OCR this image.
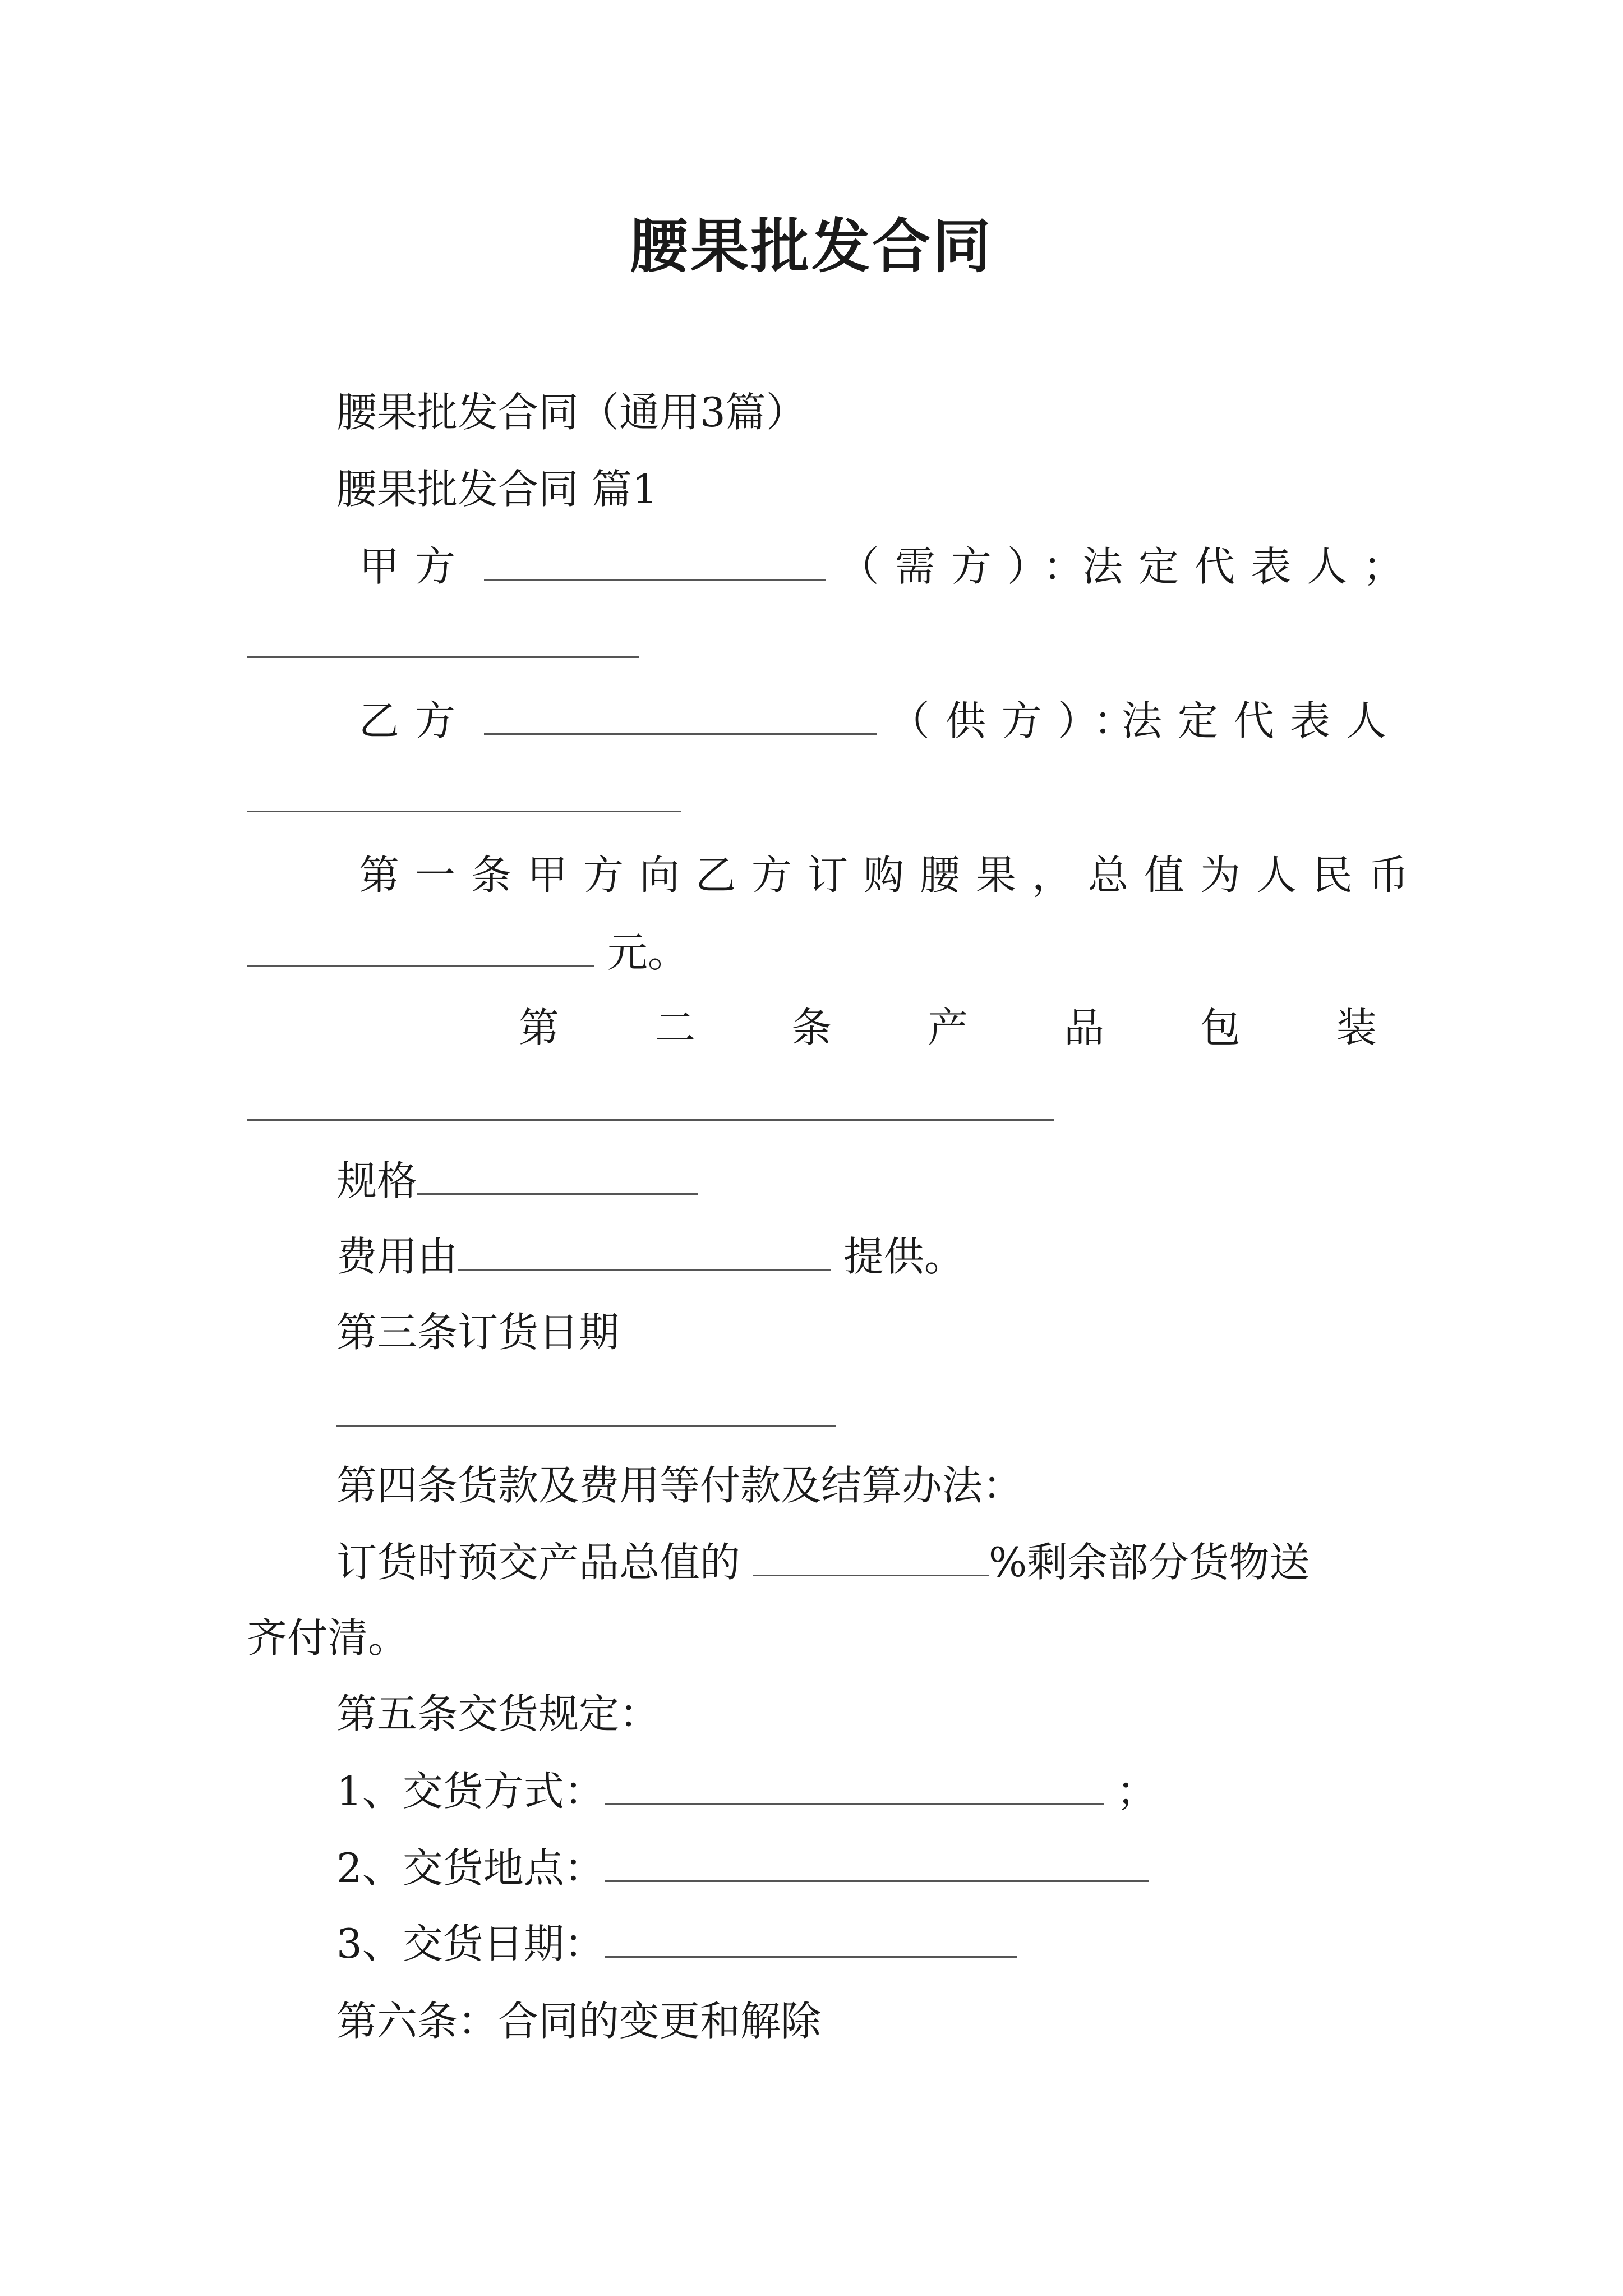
腰果批发合同
腰果批发合同（通用3篇）
腰果批发合同 篇1
甲方	（需方）：
法定代表人；
乙方	（供方）：
法定代表人
第一条甲方向乙方订购腰果，总值为人民币
元。
第 二 条 产 品 包 装
规格
费用由	提供。
第三条订货日期
第四条货款及费用等付款及结算办法：
订货时预交产品总值的	%剩余部分货物送
齐付清。
第五条交货规定：
1、交货方式：	；
2、交货地点：
3、交货日期：
第六条：合同的变更和解除
